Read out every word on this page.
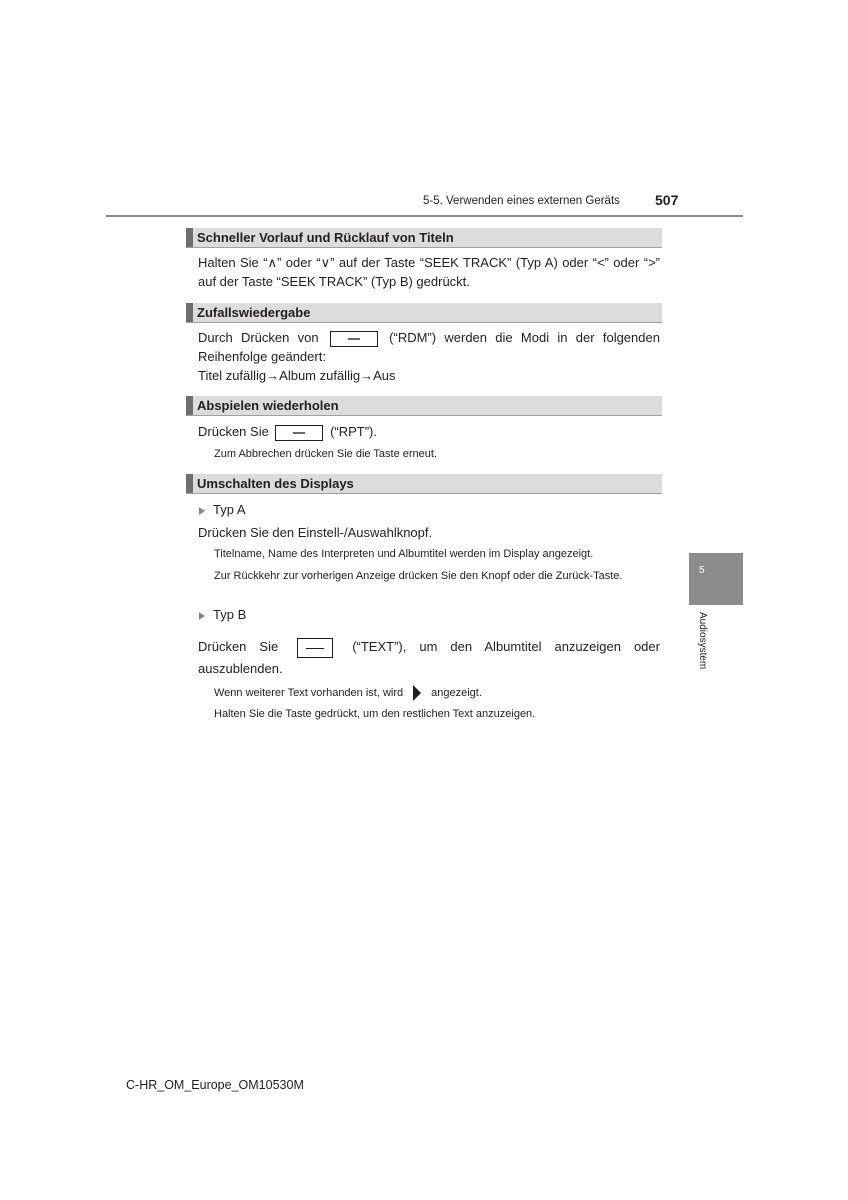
5-5. Verwenden eines externen Geräts	507
Schneller Vorlauf und Rücklauf von Titeln
Halten Sie “∧” oder “∨” auf der Taste “SEEK TRACK” (Typ A) oder “<” oder “>” auf der Taste “SEEK TRACK” (Typ B) gedrückt.
Zufallswiedergabe
Durch Drücken von	(“RDM”) werden die Modi in der folgenden Reihenfolge geändert:
Titel zufällig→Album zufällig→Aus
Abspielen wiederholen
Drücken Sie	(“RPT”).
Zum Abbrechen drücken Sie die Taste erneut.
Umschalten des Displays
Typ A
Drücken Sie den Einstell-/Auswahlknopf.
Titelname, Name des Interpreten und Albumtitel werden im Display angezeigt.
Zur Rückkehr zur vorherigen Anzeige drücken Sie den Knopf oder die Zurück-Taste.
Typ B
Drücken Sie	(“TEXT”), um den Albumtitel anzuzeigen oder auszublenden.
Wenn weiterer Text vorhanden ist, wird	angezeigt.
Halten Sie die Taste gedrückt, um den restlichen Text anzuzeigen.
5
Audiosystem
C-HR_OM_Europe_OM10530M
